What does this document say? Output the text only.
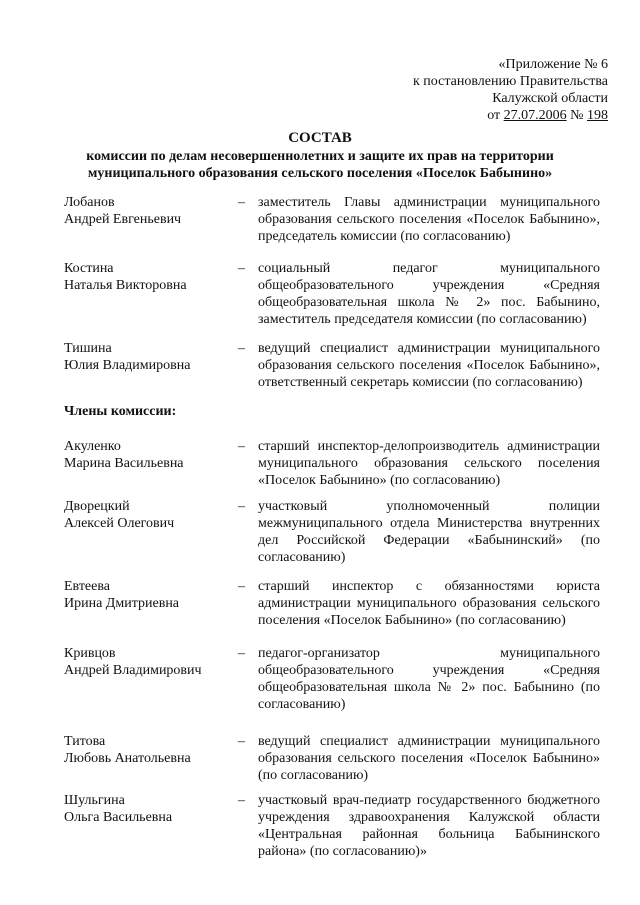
«Приложение № 6
к постановлению Правительства
Калужской области
от 27.07.2006 № 198
СОСТАВ
комиссии по делам несовершеннолетних и защите их прав на территории
муниципального образования сельского поселения «Поселок Бабынино»
Лобанов
Андрей Евгеньевич
– заместитель Главы администрации муниципального образования сельского поселения «Поселок Бабынино», председатель комиссии (по согласованию)
Костина
Наталья Викторовна
– социальный педагог муниципального общеобразовательного учреждения «Средняя общеобразовательная школа № 2» пос. Бабынино, заместитель председателя комиссии (по согласованию)
Тишина
Юлия Владимировна
– ведущий специалист администрации муниципального образования сельского поселения «Поселок Бабынино», ответственный секретарь комиссии (по согласованию)
Члены комиссии:
Акуленко
Марина Васильевна
– старший инспектор-делопроизводитель администрации муниципального образования сельского поселения «Поселок Бабынино» (по согласованию)
Дворецкий
Алексей Олегович
– участковый уполномоченный полиции межмуниципального отдела Министерства внутренних дел Российской Федерации «Бабынинский» (по согласованию)
Евтеева
Ирина Дмитриевна
– старший инспектор с обязанностями юриста администрации муниципального образования сельского поселения «Поселок Бабынино» (по согласованию)
Кривцов
Андрей Владимирович
– педагог-организатор муниципального общеобразовательного учреждения «Средняя общеобразовательная школа № 2» пос. Бабынино (по согласованию)
Титова
Любовь Анатольевна
– ведущий специалист администрации муниципального образования сельского поселения «Поселок Бабынино» (по согласованию)
Шульгина
Ольга Васильевна
– участковый врач-педиатр государственного бюджетного учреждения здравоохранения Калужской области «Центральная районная больница Бабынинского района» (по согласованию)»
